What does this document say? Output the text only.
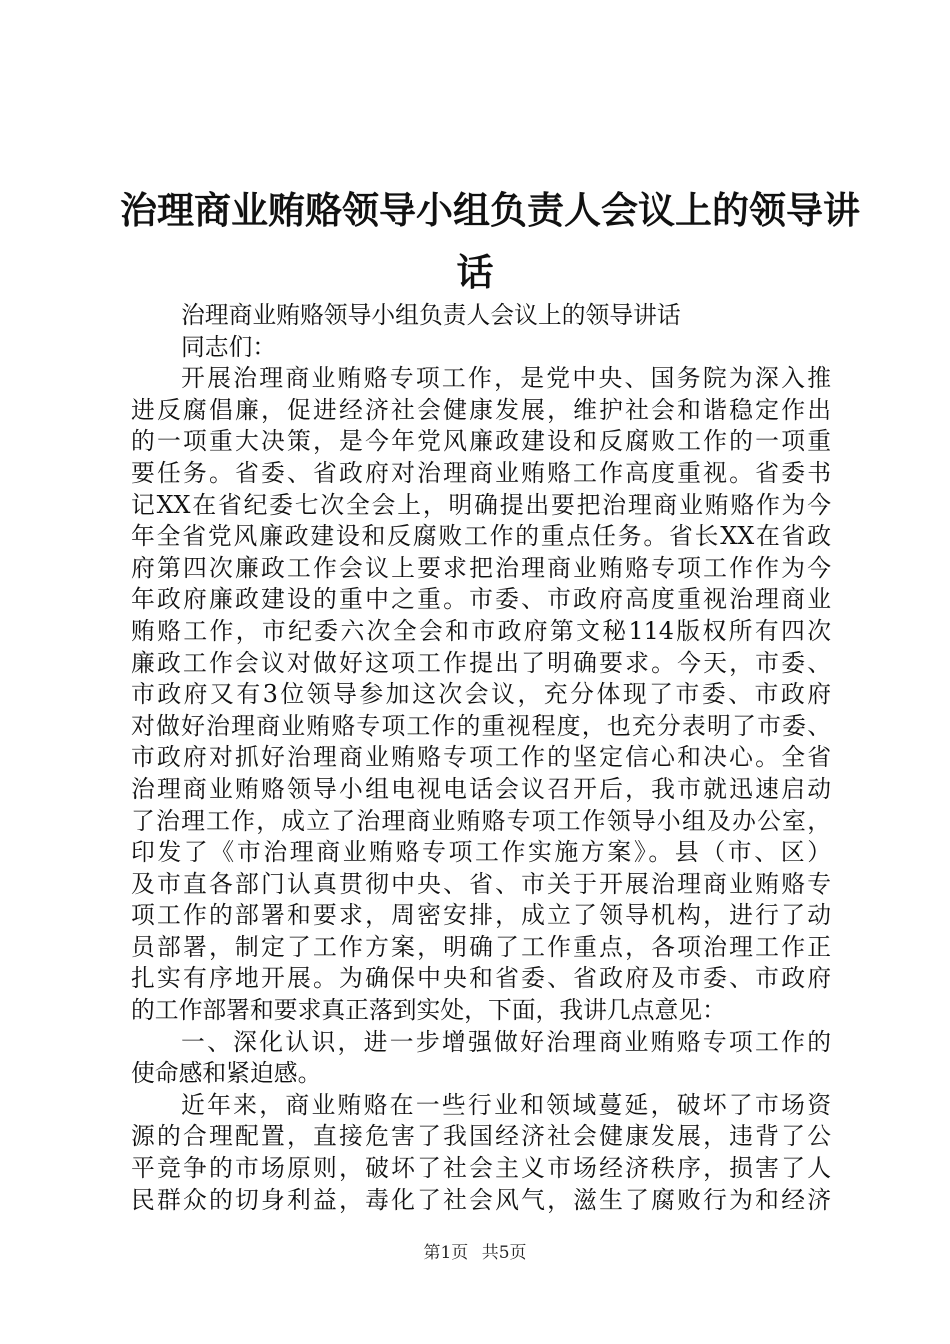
治理商业贿赂领导小组负责人会议上的领导讲
话
治理商业贿赂领导小组负责人会议上的领导讲话
同志们：
开展治理商业贿赂专项工作，是党中央、国务院为深入推
进反腐倡廉，促进经济社会健康发展，维护社会和谐稳定作出
的一项重大决策，是今年党风廉政建设和反腐败工作的一项重
要任务。省委、省政府对治理商业贿赂工作高度重视。省委书
记XX在省纪委七次全会上，明确提出要把治理商业贿赂作为今
年全省党风廉政建设和反腐败工作的重点任务。省长XX在省政
府第四次廉政工作会议上要求把治理商业贿赂专项工作作为今
年政府廉政建设的重中之重。市委、市政府高度重视治理商业
贿赂工作，市纪委六次全会和市政府第文秘114版权所有四次
廉政工作会议对做好这项工作提出了明确要求。今天，市委、
市政府又有3位领导参加这次会议，充分体现了市委、市政府
对做好治理商业贿赂专项工作的重视程度，也充分表明了市委、
市政府对抓好治理商业贿赂专项工作的坚定信心和决心。全省
治理商业贿赂领导小组电视电话会议召开后，我市就迅速启动
了治理工作，成立了治理商业贿赂专项工作领导小组及办公室，
印发了《市治理商业贿赂专项工作实施方案》。县（市、区）
及市直各部门认真贯彻中央、省、市关于开展治理商业贿赂专
项工作的部署和要求，周密安排，成立了领导机构，进行了动
员部署，制定了工作方案，明确了工作重点，各项治理工作正
扎实有序地开展。为确保中央和省委、省政府及市委、市政府
的工作部署和要求真正落到实处，下面，我讲几点意见：
一、深化认识，进一步增强做好治理商业贿赂专项工作的
使命感和紧迫感。
近年来，商业贿赂在一些行业和领域蔓延，破坏了市场资
源的合理配置，直接危害了我国经济社会健康发展，违背了公
平竞争的市场原则，破坏了社会主义市场经济秩序，损害了人
民群众的切身利益，毒化了社会风气，滋生了腐败行为和经济
第1页 共5页
